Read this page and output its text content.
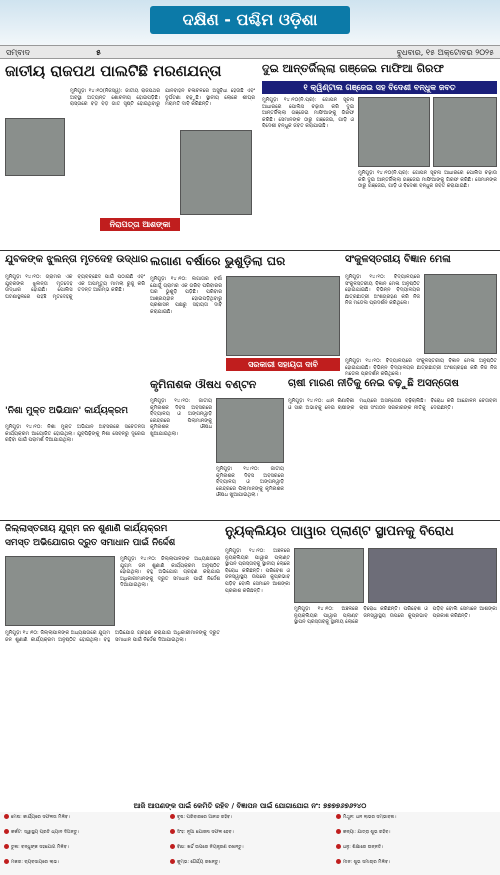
ଦକ୍ଷିଣ - ପଶ୍ଚିମ ଓଡ଼ିଶା
ସମ୍ବାଦ	୫	ବୁଧବାର, ୧୫ ଅକ୍ଟୋବର ୨୦୨୫
ଜାତୀୟ ରାଜପଥ ପାଲଟିଛି ମରଣଯନ୍ତା
ମୁନିଗୁଡ଼ା ୧୪।୧୦(ନିଜସ୍ୱ): ଜାତୀୟ ରାଜପଥର ଅବସ୍ଥା ଅତ୍ୟନ୍ତ ଶୋଚନୀୟ ହୋଇପଡ଼ିଛି। ରାସ୍ତାରେ ବଡ଼ ବଡ଼ ଗାତ ସୃଷ୍ଟି ହୋଇଥିବାରୁ ଯାନବାହନ ଚଳାଚଳରେ ଅସୁବିଧା ହେଉଛି ଏବଂ ଦୁର୍ଘଟଣା ବଢ଼ୁଛି। ସ୍ଥାନୀୟ ଲୋକେ ଶୀଘ୍ର ମରାମତି ଦାବି କରିଛନ୍ତି।
ନିରାପତ୍ତା ଆଶଙ୍କା ପ୍ରକାଶ
ଦୁଇ ଆନ୍ତର୍ଜିଲ୍ଲା ଗଞ୍ଜେଇ ମାଫିଆ ଗିରଫ
୧ କ୍ୱିଣ୍ଟାଲ ଗଞ୍ଜେଇ ସହ ବିଦେଶୀ ବନ୍ଧୁକ ଜବତ
ମୁନିଗୁଡ଼ା ୧୪।୧୦(ନି.ପ୍ର): ଗୋପନ ସୂଚନା ଆଧାରରେ ପୋଲିସ ଚଢ଼ାଉ କରି ଦୁଇ ଆନ୍ତର୍ଜିଲ୍ଲା ଗଞ୍ଜେଇ ମାଫିଆଙ୍କୁ ଗିରଫ କରିଛି। ସେମାନଙ୍କ ଠାରୁ ଗଞ୍ଜେଇ, ଗାଡ଼ି ଓ ବିଦେଶୀ ବନ୍ଧୁକ ଜବତ କରାଯାଇଛି।
ମୁନିଗୁଡ଼ା ୧୪।୧୦(ନି.ପ୍ର): ଗୋପନ ସୂଚନା ଆଧାରରେ ପୋଲିସ ଚଢ଼ାଉ କରି ଦୁଇ ଆନ୍ତର୍ଜିଲ୍ଲା ଗଞ୍ଜେଇ ମାଫିଆଙ୍କୁ ଗିରଫ କରିଛି। ସେମାନଙ୍କ ଠାରୁ ଗଞ୍ଜେଇ, ଗାଡ଼ି ଓ ବିଦେଶୀ ବନ୍ଧୁକ ଜବତ କରାଯାଇଛି।
ଯୁବକଙ୍କ ଝୁଲନ୍ତା ମୃତଦେହ ଉଦ୍ଧାର
ମୁନିଗୁଡ଼ା ୧୪।୧୦: ଗ୍ରାମର ଏକ ଯୁବକଙ୍କ ଝୁଲନ୍ତା ମୃତଦେହ ଉଦ୍ଧାର ହୋଇଛି। ପୋଲିସ ଘଟଣାସ୍ଥଳରେ ପହଞ୍ଚି ମୃତଦେହକୁ ବ୍ୟବଚ୍ଛେଦ ପାଇଁ ପଠାଇଛି ଏବଂ ଏକ ଅପମୃତ୍ୟୁ ମାମଲା ରୁଜୁ କରି ତଦନ୍ତ ଆରମ୍ଭ କରିଛି।
ଲଗାଣ ବର୍ଷାରେ ଭୁଶୁଡ଼ିଲା ଘର
ମୁନିଗୁଡ଼ା ୧୪।୧୦: ଲଗାତାର ବର୍ଷା ଯୋଗୁଁ ଗ୍ରାମର ଏକ ଗରିବ ପରିବାରର ଘର ଭୁଶୁଡ଼ି ପଡ଼ିଛି। ପରିବାର ଆଶ୍ରୟହୀନ ହୋଇପଡ଼ିଥିବାରୁ ପ୍ରଶାସନ ପକ୍ଷରୁ ସହାୟତା ଦାବି କରାଯାଇଛି।
ସରକାରୀ ସହାୟତା ଦାବି
ସଂକୁଳସ୍ତରୀୟ ବିଜ୍ଞାନ ମେଳା
ମୁନିଗୁଡ଼ା ୧୪।୧୦: ବିଦ୍ୟାଳୟରେ ସଂକୁଳସ୍ତରୀୟ ବିଜ୍ଞାନ ମେଳା ଅନୁଷ୍ଠିତ ହୋଇଯାଇଛି। ବିଭିନ୍ନ ବିଦ୍ୟାଳୟର ଛାତ୍ରଛାତ୍ରୀ ଅଂଶଗ୍ରହଣ କରି ନିଜ ନିଜ ମଡେଲ ପ୍ରଦର୍ଶନ କରିଥିଲେ।
ମୁନିଗୁଡ଼ା ୧୪।୧୦: ବିଦ୍ୟାଳୟରେ ସଂକୁଳସ୍ତରୀୟ ବିଜ୍ଞାନ ମେଳା ଅନୁଷ୍ଠିତ ହୋଇଯାଇଛି। ବିଭିନ୍ନ ବିଦ୍ୟାଳୟର ଛାତ୍ରଛାତ୍ରୀ ଅଂଶଗ୍ରହଣ କରି ନିଜ ନିଜ ମଡେଲ ପ୍ରଦର୍ଶନ କରିଥିଲେ।
'ନିଶା ମୁକ୍ତ ଅଭିଯାନ' କାର୍ଯ୍ୟକ୍ରମ
ମୁନିଗୁଡ଼ା ୧୪।୧୦: ନିଶା ମୁକ୍ତ ଅଭିଯାନ ଅବସରରେ ସଚେତନତା କାର୍ଯ୍ୟକ୍ରମ ଆୟୋଜିତ ହୋଇଥିଲା। ଯୁବପିଢ଼ିଙ୍କୁ ନିଶା ସେବନରୁ ଦୂରେଇ ରହିବା ପାଇଁ ପରାମର୍ଶ ଦିଆଯାଇଥିଲା।
କୃମିନାଶକ ଔଷଧ ବଣ୍ଟନ
ମୁନିଗୁଡ଼ା ୧୪।୧୦: ଜାତୀୟ କୃମିନାଶକ ଦିବସ ଅବସରରେ ବିଦ୍ୟାଳୟ ଓ ଅଙ୍ଗନୱାଡ଼ି କେନ୍ଦ୍ରରେ ପିଲାମାନଙ୍କୁ କୃମିନାଶକ ଔଷଧ ଖୁଆଯାଇଥିଲା।
ମୁନିଗୁଡ଼ା ୧୪।୧୦: ଜାତୀୟ କୃମିନାଶକ ଦିବସ ଅବସରରେ ବିଦ୍ୟାଳୟ ଓ ଅଙ୍ଗନୱାଡ଼ି କେନ୍ଦ୍ରରେ ପିଲାମାନଙ୍କୁ କୃମିନାଶକ ଔଷଧ ଖୁଆଯାଇଥିଲା।
ଚାଷୀ ମାରଣ ନୀତିକୁ ନେଇ ବଢ଼ୁଛି ଅସନ୍ତୋଷ
ମୁନିଗୁଡ଼ା ୧୪।୧୦: ଧାନ କିଣାବିକା ଓ ସାର ଅଭାବକୁ ନେଇ ଚାଷୀଙ୍କ ମଧ୍ୟରେ ଅସନ୍ତୋଷ ବଢ଼ିଚାଲିଛି। ଚାଷୀ ସଂଗଠନ ସରକାରଙ୍କ ନୀତିକୁ ବିରୋଧ କରି ଆନ୍ଦୋଳନ ଚେତାବନୀ ଦେଇଛନ୍ତି।
ଜିଲ୍ଲାସ୍ତରୀୟ ଯୁଗ୍ମ ଜନ ଶୁଣାଣି କାର୍ଯ୍ୟକ୍ରମ
ସମସ୍ତ ଅଭିଯୋଗର ଦ୍ରୁତ ସମାଧାନ ପାଇଁ ନିର୍ଦ୍ଦେଶ
ମୁନିଗୁଡ଼ା ୧୪।୧୦: ଜିଲ୍ଲାପାଳଙ୍କ ଅଧ୍ୟକ୍ଷତାରେ ଯୁଗ୍ମ ଜନ ଶୁଣାଣି କାର୍ଯ୍ୟକ୍ରମ ଅନୁଷ୍ଠିତ ହୋଇଥିଲା। ବହୁ ଅଭିଯୋଗ ଗ୍ରହଣ କରାଯାଇ ଅଧିକାରୀମାନଙ୍କୁ ଦ୍ରୁତ ସମାଧାନ ପାଇଁ ନିର୍ଦ୍ଦେଶ ଦିଆଯାଇଥିଲା।
ମୁନିଗୁଡ଼ା ୧୪।୧୦: ଜିଲ୍ଲାପାଳଙ୍କ ଅଧ୍ୟକ୍ଷତାରେ ଯୁଗ୍ମ ଜନ ଶୁଣାଣି କାର୍ଯ୍ୟକ୍ରମ ଅନୁଷ୍ଠିତ ହୋଇଥିଲା। ବହୁ ଅଭିଯୋଗ ଗ୍ରହଣ କରାଯାଇ ଅଧିକାରୀମାନଙ୍କୁ ଦ୍ରୁତ ସମାଧାନ ପାଇଁ ନିର୍ଦ୍ଦେଶ ଦିଆଯାଇଥିଲା।
ନ୍ୟୁକ୍ଲିୟର ପାୱାର ପ୍ଲାଣ୍ଟ ସ୍ଥାପନକୁ ବିରୋଧ
ମୁନିଗୁଡ଼ା ୧୪।୧୦: ଅଞ୍ଚଳରେ ନ୍ୟୁକ୍ଲିୟର ପାୱାର ପ୍ଲାଣ୍ଟ ସ୍ଥାପନ ପ୍ରସ୍ତାବକୁ ସ୍ଥାନୀୟ ଲୋକେ ବିରୋଧ କରିଛନ୍ତି। ପରିବେଶ ଓ ଜନସ୍ୱାସ୍ଥ୍ୟ ଉପରେ କୁପ୍ରଭାବ ପଡ଼ିବ ବୋଲି ସେମାନେ ଆଶଙ୍କା ପ୍ରକାଶ କରିଛନ୍ତି।
ମୁନିଗୁଡ଼ା ୧୪।୧୦: ଅଞ୍ଚଳରେ ନ୍ୟୁକ୍ଲିୟର ପାୱାର ପ୍ଲାଣ୍ଟ ସ୍ଥାପନ ପ୍ରସ୍ତାବକୁ ସ୍ଥାନୀୟ ଲୋକେ ବିରୋଧ କରିଛନ୍ତି। ପରିବେଶ ଓ ଜନସ୍ୱାସ୍ଥ୍ୟ ଉପରେ କୁପ୍ରଭାବ ପଡ଼ିବ ବୋଲି ସେମାନେ ଆଶଙ୍କା ପ୍ରକାଶ କରିଛନ୍ତି।
ଆଜି ଆପଣଙ୍କ ପାଇଁ କେମିତି ରହିବ / ବିଜ୍ଞାପନ ପାଇଁ ଯୋଗାଯୋଗ ନଂ: ୭୭୭୭୬୭୬୨୪୦
ମେଷ: କାର୍ଯ୍ୟରେ ସଫଳତା ମିଳିବ।	ବୃଷ: ପରିବାରରେ ଆନନ୍ଦ ରହିବ।	ମିଥୁନ: ଧନ ଲାଭର ସମ୍ଭାବନା।
କର୍କଟ: ସ୍ୱାସ୍ଥ୍ୟ ପ୍ରତି ଧ୍ୟାନ ଦିଅନ୍ତୁ।	ସିଂହ: ନୂଆ ଯୋଜନା ସଫଳ ହେବ।	କନ୍ୟା: ଯାତ୍ରା ଶୁଭ ରହିବ।
ତୁଳା: ବନ୍ଧୁଙ୍କ ସହଯୋଗ ମିଳିବ।	ବିଛା: ଖର୍ଚ୍ଚ ଉପରେ ନିୟନ୍ତ୍ରଣ ରଖନ୍ତୁ।	ଧନୁ: ଶିକ୍ଷାରେ ଉନ୍ନତି।
ମକର: ବ୍ୟବସାୟରେ ଲାଭ।	କୁମ୍ଭ: ଧୈର୍ଯ୍ୟ ରଖନ୍ତୁ।	ମୀନ: ଶୁଭ ସମାଚାର ମିଳିବ।
